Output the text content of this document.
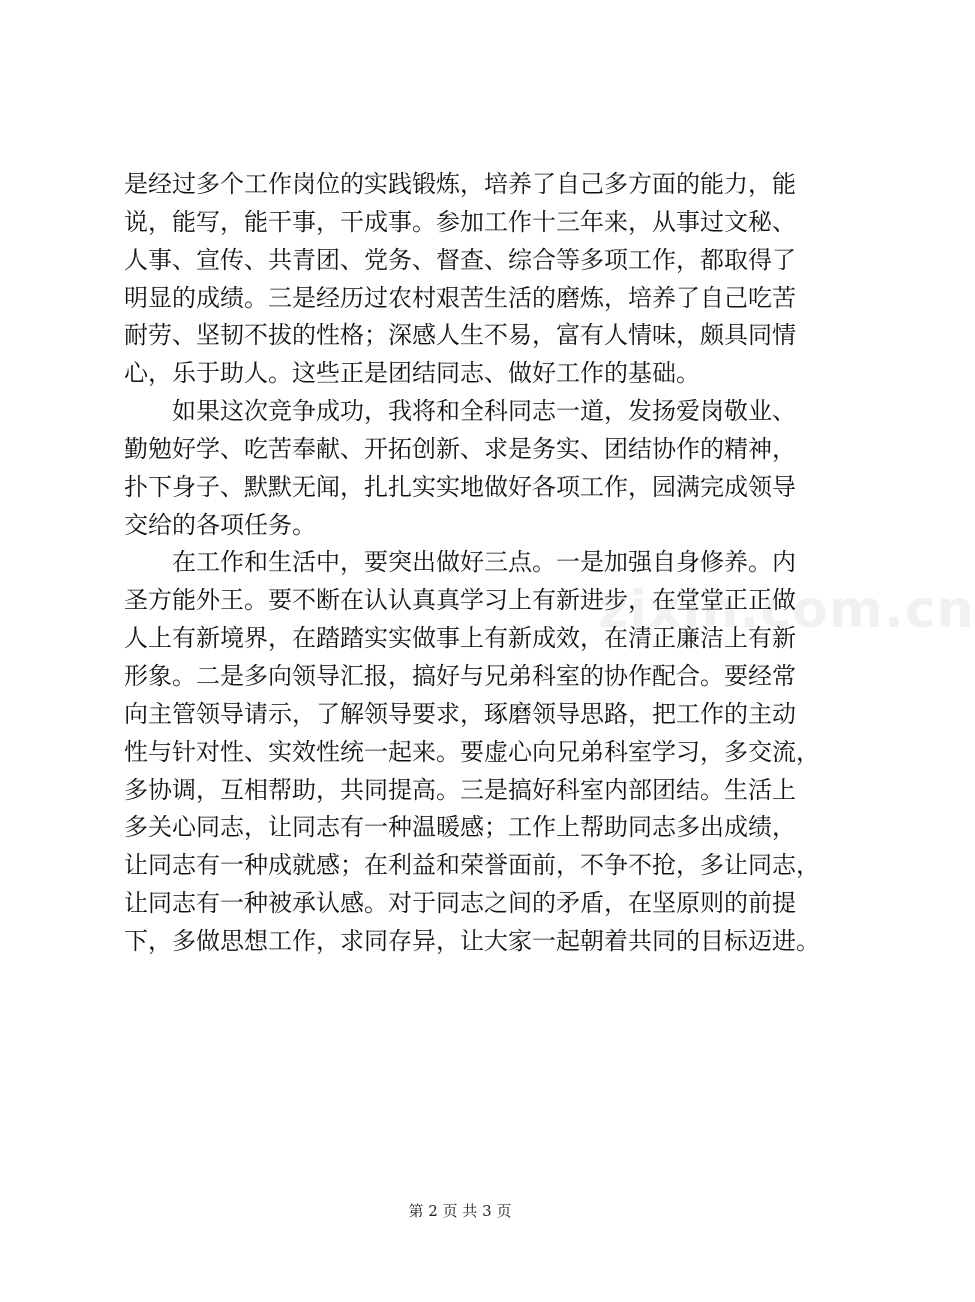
zixin.com.cn
是经过多个工作岗位的实践锻炼，培养了自己多方面的能力，能
说，能写，能干事，干成事。参加工作十三年来，从事过文秘、
人事、宣传、共青团、党务、督查、综合等多项工作，都取得了
明显的成绩。三是经历过农村艰苦生活的磨炼，培养了自己吃苦
耐劳、坚韧不拔的性格；深感人生不易，富有人情味，颇具同情
心，乐于助人。这些正是团结同志、做好工作的基础。
如果这次竞争成功，我将和全科同志一道，发扬爱岗敬业、
勤勉好学、吃苦奉献、开拓创新、求是务实、团结协作的精神，
扑下身子、默默无闻，扎扎实实地做好各项工作，园满完成领导
交给的各项任务。
在工作和生活中，要突出做好三点。一是加强自身修养。内
圣方能外王。要不断在认认真真学习上有新进步，在堂堂正正做
人上有新境界，在踏踏实实做事上有新成效，在清正廉洁上有新
形象。二是多向领导汇报，搞好与兄弟科室的协作配合。要经常
向主管领导请示，了解领导要求，琢磨领导思路，把工作的主动
性与针对性、实效性统一起来。要虚心向兄弟科室学习，多交流，
多协调，互相帮助，共同提高。三是搞好科室内部团结。生活上
多关心同志，让同志有一种温暖感；工作上帮助同志多出成绩，
让同志有一种成就感；在利益和荣誉面前，不争不抢，多让同志，
让同志有一种被承认感。对于同志之间的矛盾，在坚原则的前提
下，多做思想工作，求同存异，让大家一起朝着共同的目标迈进。
第 2 页 共 3 页
